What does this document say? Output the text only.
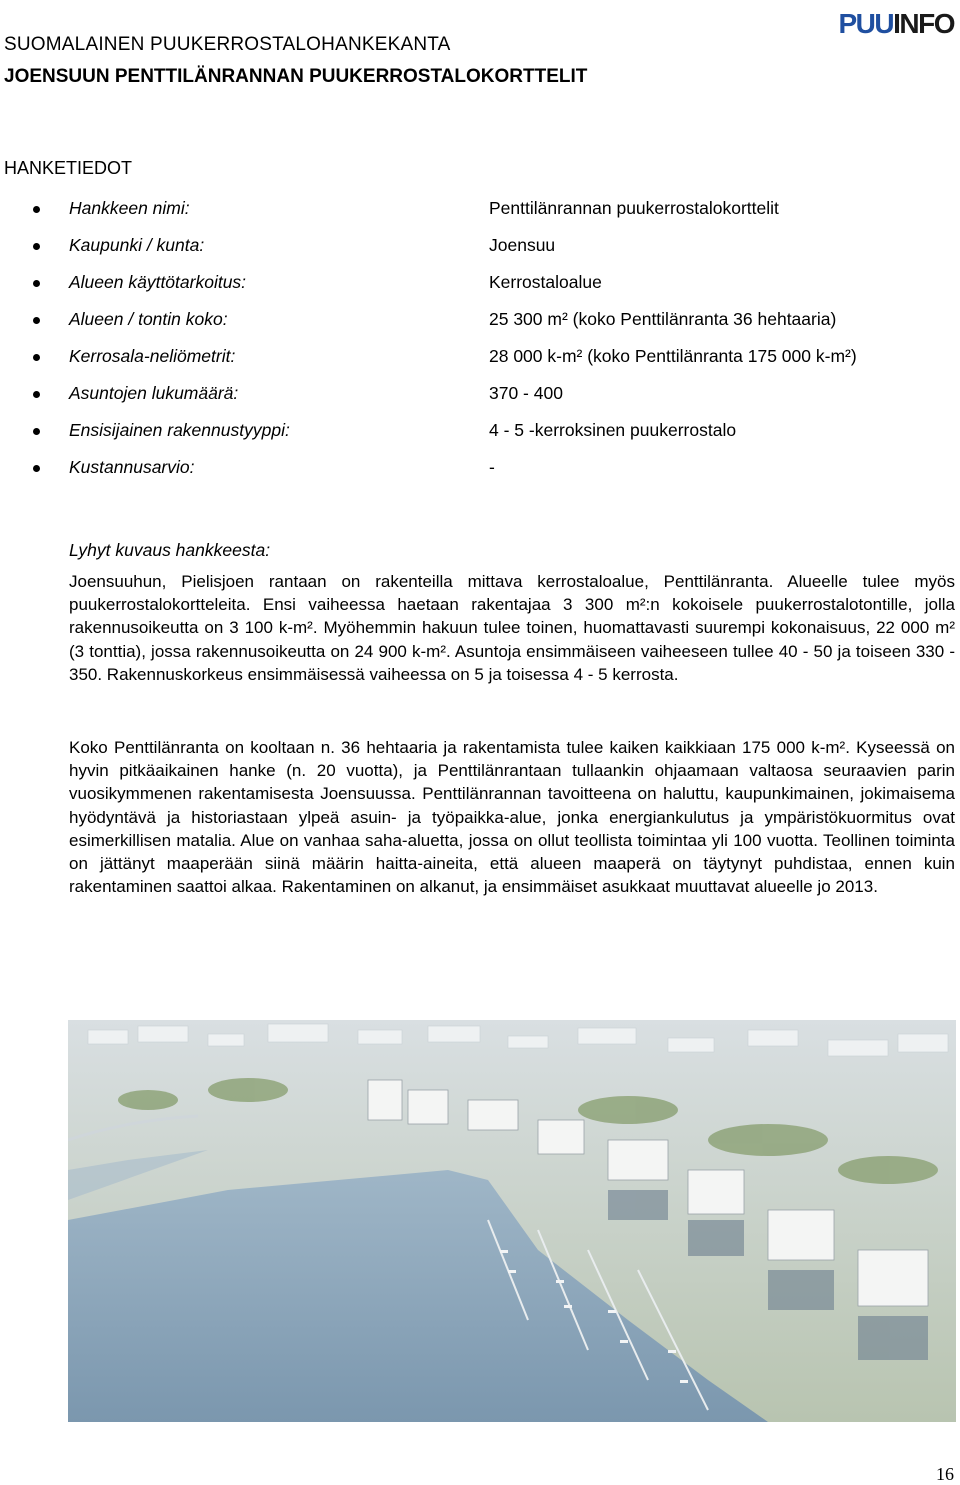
SUOMALAINEN PUUKERROSTALOHANKEKANTA
JOENSUUN PENTTILÄNRANNAN PUUKERROSTALOKORTTELIT
PUUINFO
HANKETIEDOT
Hankkeen nimi:	Penttilänrannan puukerrostalokorttelit
Kaupunki / kunta:	Joensuu
Alueen käyttötarkoitus:	Kerrostaloalue
Alueen / tontin koko:	25 300 m² (koko Penttilänranta 36 hehtaaria)
Kerrosala-neliömetrit:	28 000 k-m² (koko Penttilänranta 175 000 k-m²)
Asuntojen lukumäärä:	370 - 400
Ensisijainen rakennustyyppi:	4 - 5 -kerroksinen puukerrostalo
Kustannusarvio:	-
Lyhyt kuvaus hankkeesta:

Joensuuhun, Pielisjoen rantaan on rakenteilla mittava kerrostaloalue, Penttilänranta. Alueelle tulee myös puukerrostalokortteleita. Ensi vaiheessa haetaan rakentajaa 3 300 m²:n kokoisele puukerrostalotontille, jolla rakennusoikeutta on 3 100 k-m². Myöhemmin hakuun tulee toinen, huomattavasti suurempi kokonaisuus, 22 000 m² (3 tonttia), jossa rakennusoikeutta on 24 900 k-m². Asuntoja ensimmäiseen vaiheeseen tullee 40 - 50 ja toiseen 330 - 350. Rakennuskorkeus ensimmäisessä vaiheessa on 5 ja toisessa 4 - 5 kerrosta.

Koko Penttilänranta on kooltaan n. 36 hehtaaria ja rakentamista tulee kaiken kaikkiaan 175 000 k-m². Kyseessä on hyvin pitkäaikainen hanke (n. 20 vuotta), ja Penttilänrantaan tullaankin ohjaamaan valtaosa seuraavien parin vuosikymmenen rakentamisesta Joensuussa. Penttilänrannan tavoitteena on haluttu, kaupunkimainen, jokimaisema hyödyntävä ja historiastaan ylpeä asuin- ja työpaikka-alue, jonka energiankulutus ja ympäristökuormitus ovat esimerkillisen matalia. Alue on vanhaa saha-aluetta, jossa on ollut teollista toimintaa yli 100 vuotta. Teollinen toiminta on jättänyt maaperään siinä määrin haitta-aineita, että alueen maaperä on täytynyt puhdistaa, ennen kuin rakentaminen saattoi alkaa. Rakentaminen on alkanut, ja ensimmäiset asukkaat muuttavat alueelle jo 2013.

16
